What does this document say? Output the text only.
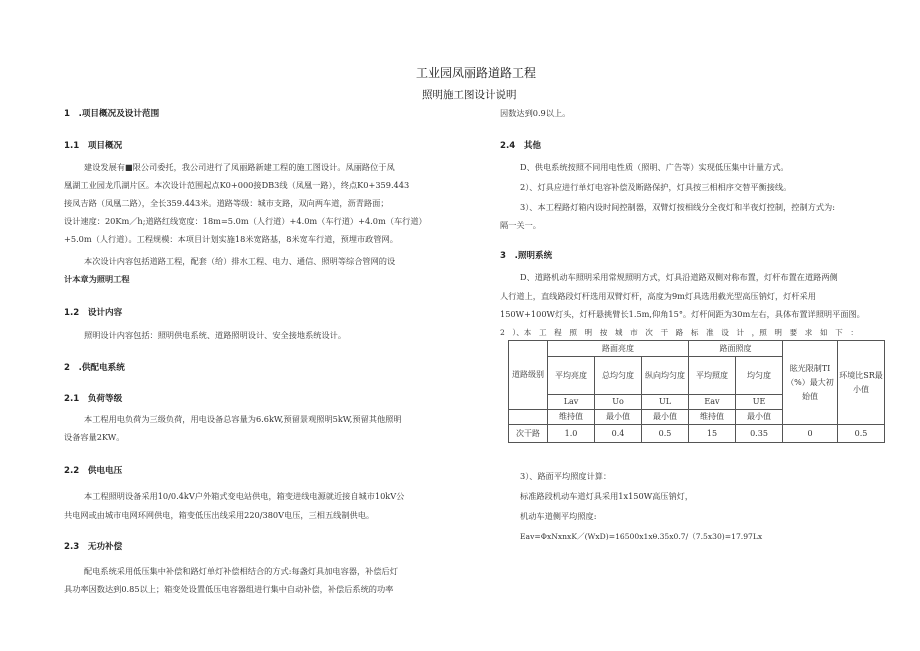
工业园凤丽路道路工程
照明施工图设计说明
1　.项目概况及设计范围
1.1　项目概况
建设发展有■限公司委托，我公司进行了凤丽路新建工程的施工图设计。凤丽路位于凤
凰湖工业园龙爪湖片区。本次设计范围起点K0+000接DB3线（凤凰一路），终点K0+359.443
接凤吉路（凤凰二路），全长359.443米。道路等级：城市支路，双向两车道，沥青路面；
设计速度：20Km／h;道路红线宽度：18m=5.0m（人行道）+4.0m（车行道）+4.0m（车行道）
+5.0m（人行道）。工程规模：本项目计划实施18米宽路基，8米宽车行道，预埋市政管网。
本次设计内容包括道路工程，配套（给）排水工程、电力、通信、照明等综合管网的设
计本章为照明工程
1.2　设计内容
照明设计内容包括：照明供电系统、道路照明设计、安全接地系统设计。
2　.供配电系统
2.1　负荷等级
本工程用电负荷为三级负荷，用电设备总容量为6.6kW,预留景观照明5kW,预留其他照明
设备容量2KW。
2.2　供电电压
本工程照明设备采用10/0.4kV户外箱式变电站供电，箱变进线电源就近接自城市10kV公
共电网或由城市电网环网供电，箱变低压出线采用220/380V电压，三相五线制供电。
2.3　无功补偿
配电系统采用低压集中补偿和路灯单灯补偿相结合的方式:每盏灯具加电容器，补偿后灯
具功率因数达到0.85以上；箱变处设置低压电容器组进行集中自动补偿，补偿后系统的功率
因数达到0.9以上。
2.4　其他
D、供电系统按照不同用电性质（照明、广告等）实现低压集中计量方式。
2）、灯具应进行单灯电容补偿及断路保护，灯具按三相相序交替平衡接线。
3）、本工程路灯箱内设时间控制器，双臂灯按相线分全夜灯和半夜灯控制，控制方式为:
隔一关一。
3　.照明系统
D、道路机动车照明采用常规照明方式，灯具沿道路双侧对称布置，灯杆布置在道路两侧
人行道上，直线路段灯杆选用双臂灯杆，高度为9m灯具选用截光型高压钠灯，灯杆采用
150W+100W灯头，灯杆悬挑臂长1.5m,仰角15°。灯杆间距为30m左右，具体布置详照明平面图。
2　）、本　工　程　照　明　按　城　市　次　干　路　标　准　设　计　，照　明　要　求　如　下　：
道路级别	路面亮度			路面照度		眩光限制TI（%）最大初始值	环境比SR最小值
	平均亮度	总均匀度	纵向均匀度	平均照度	均匀度		
	Lav	Uo	UL	Eav	UE		
	维持值	最小值	最小值	维持值	最小值		
次干路	1.0	0.4	0.5	15	0.35	0	0.5
3）、路面平均照度计算：
标准路段机动车道灯具采用1x150W高压钠灯，
机动车道侧平均照度:
Eav=ΦxNxnxK／(WxD)=16500x1xθ.35x0.7/（7.5x30)=17.97Lx
